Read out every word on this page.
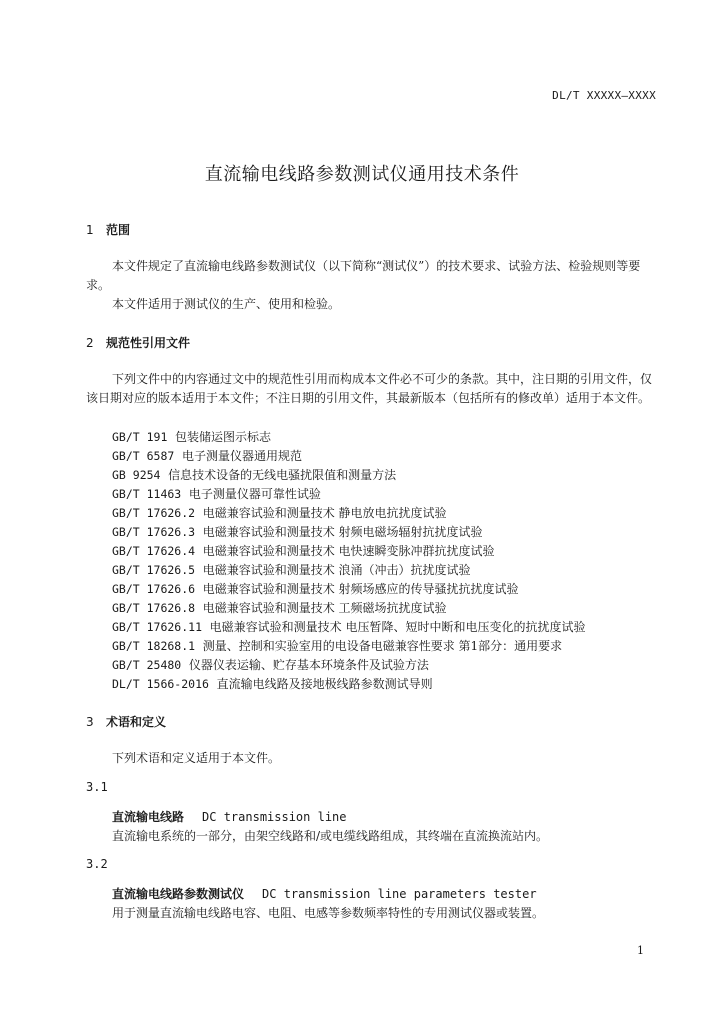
DL/T XXXXX—XXXX
直流输电线路参数测试仪通用技术条件
1 范围
本文件规定了直流输电线路参数测试仪（以下简称“测试仪”）的技术要求、试验方法、检验规则等要求。
本文件适用于测试仪的生产、使用和检验。
2 规范性引用文件
下列文件中的内容通过文中的规范性引用而构成本文件必不可少的条款。其中，注日期的引用文件，仅该日期对应的版本适用于本文件；不注日期的引用文件，其最新版本（包括所有的修改单）适用于本文件。
GB/T 191 包装储运图示标志
GB/T 6587 电子测量仪器通用规范
GB 9254 信息技术设备的无线电骚扰限值和测量方法
GB/T 11463 电子测量仪器可靠性试验
GB/T 17626.2 电磁兼容试验和测量技术 静电放电抗扰度试验
GB/T 17626.3 电磁兼容试验和测量技术 射频电磁场辐射抗扰度试验
GB/T 17626.4 电磁兼容试验和测量技术 电快速瞬变脉冲群抗扰度试验
GB/T 17626.5 电磁兼容试验和测量技术 浪涌（冲击）抗扰度试验
GB/T 17626.6 电磁兼容试验和测量技术 射频场感应的传导骚扰抗扰度试验
GB/T 17626.8 电磁兼容试验和测量技术 工频磁场抗扰度试验
GB/T 17626.11 电磁兼容试验和测量技术 电压暂降、短时中断和电压变化的抗扰度试验
GB/T 18268.1 测量、控制和实验室用的电设备电磁兼容性要求 第1部分：通用要求
GB/T 25480 仪器仪表运输、贮存基本环境条件及试验方法
DL/T 1566-2016 直流输电线路及接地极线路参数测试导则
3 术语和定义
下列术语和定义适用于本文件。
3.1
直流输电线路 DC transmission line
直流输电系统的一部分，由架空线路和/或电缆线路组成，其终端在直流换流站内。
3.2
直流输电线路参数测试仪 DC transmission line parameters tester
用于测量直流输电线路电容、电阻、电感等参数频率特性的专用测试仪器或装置。
1
